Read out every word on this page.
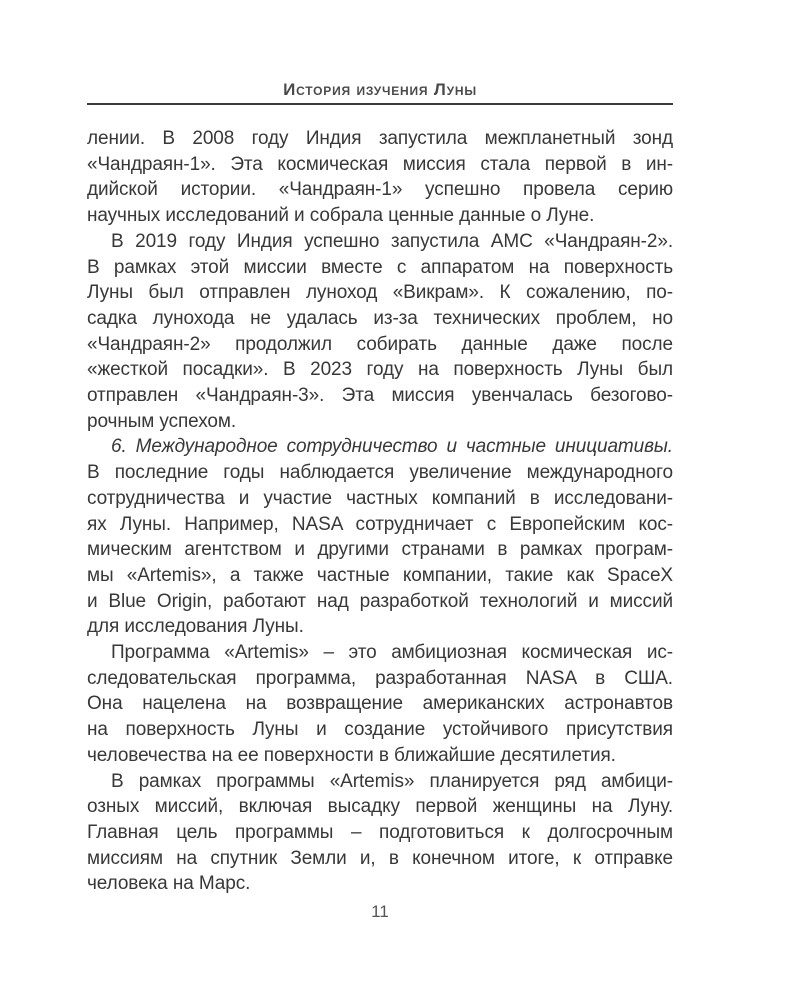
История изучения Луны
лении. В 2008 году Индия запустила межпланетный зонд
«Чандраян-1». Эта космическая миссия стала первой в ин-
дийской истории. «Чандраян-1» успешно провела серию
научных исследований и собрала ценные данные о Луне.
В 2019 году Индия успешно запустила АМС «Чандраян-2».
В рамках этой миссии вместе с аппаратом на поверхность
Луны был отправлен луноход «Викрам». К сожалению, по-
садка лунохода не удалась из-за технических проблем, но
«Чандраян-2» продолжил собирать данные даже после
«жесткой посадки». В 2023 году на поверхность Луны был
отправлен «Чандраян-3». Эта миссия увенчалась безогово-
рочным успехом.
6. Международное сотрудничество и частные инициативы.
В последние годы наблюдается увеличение международного
сотрудничества и участие частных компаний в исследовани-
ях Луны. Например, NASA сотрудничает с Европейским кос-
мическим агентством и другими странами в рамках програм-
мы «Artemis», а также частные компании, такие как SpaceX
и Blue Origin, работают над разработкой технологий и миссий
для исследования Луны.
Программа «Artemis» – это амбициозная космическая ис-
следовательская программа, разработанная NASA в США.
Она нацелена на возвращение американских астронавтов
на поверхность Луны и создание устойчивого присутствия
человечества на ее поверхности в ближайшие десятилетия.
В рамках программы «Artemis» планируется ряд амбици-
озных миссий, включая высадку первой женщины на Луну.
Главная цель программы – подготовиться к долгосрочным
миссиям на спутник Земли и, в конечном итоге, к отправке
человека на Марс.
11
